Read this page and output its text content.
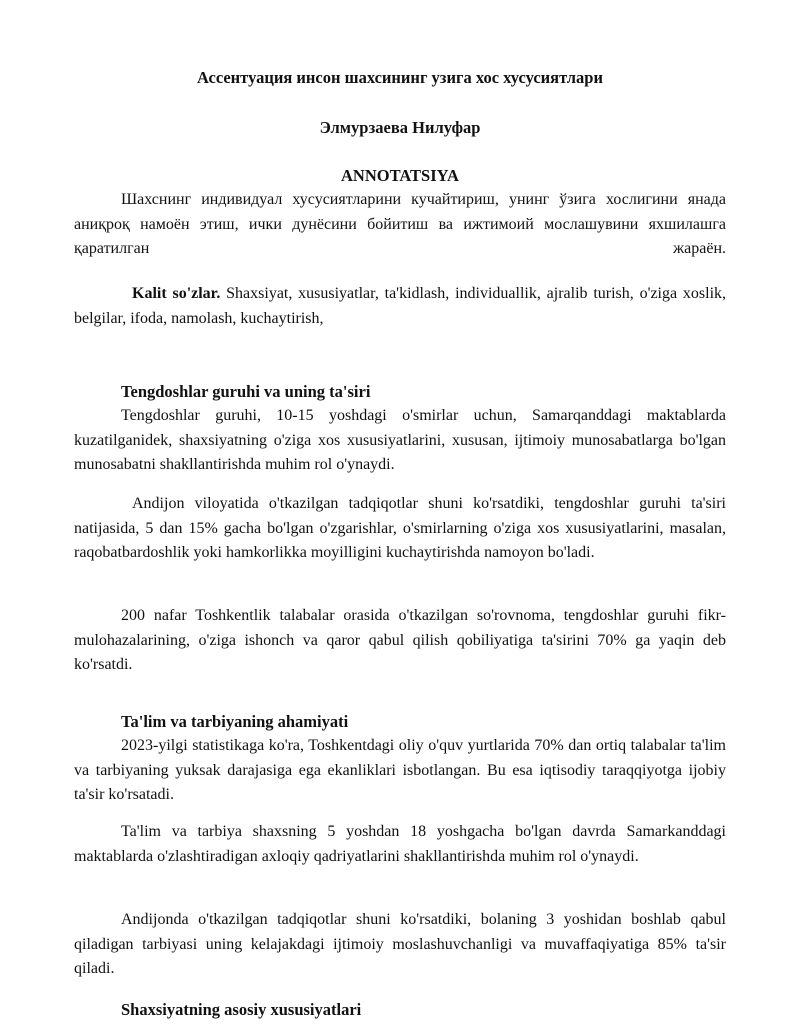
Ассентуация инсон шахсининг узига хос хусусиятлари

Элмурзаева Нилуфар

ANNOTATSIYA

Шахснинг индивидуал хусусиятларини кучайтириш, унинг ўзига хослигини янада аниқроқ намоён этиш, ички дунёсини бойитиш ва ижтимоий мослашувини яхшилашга қаратилган жараён.

Kalit so'zlar. Shaxsiyat, xususiyatlar, ta'kidlash, individuallik, ajralib turish, o'ziga xoslik, belgilar, ifoda, namolash, kuchaytirish,

Tengdoshlar guruhi va uning ta'siri

Tengdoshlar guruhi, 10-15 yoshdagi o'smirlar uchun, Samarqanddagi maktablarda kuzatilganidek, shaxsiyatning o'ziga xos xususiyatlarini, xususan, ijtimoiy munosabatlarga bo'lgan munosabatni shakllantirishda muhim rol o'ynaydi.

Andijon viloyatida o'tkazilgan tadqiqotlar shuni ko'rsatdiki, tengdoshlar guruhi ta'siri natijasida, 5 dan 15% gacha bo'lgan o'zgarishlar, o'smirlarning o'ziga xos xususiyatlarini, masalan, raqobatbardoshlik yoki hamkorlikka moyilligini kuchaytirishda namoyon bo'ladi.

200 nafar Toshkentlik talabalar orasida o'tkazilgan so'rovnoma, tengdoshlar guruhi fikr-mulohazalarining, o'ziga ishonch va qaror qabul qilish qobiliyatiga ta'sirini 70% ga yaqin deb ko'rsatdi.

Ta'lim va tarbiyaning ahamiyati

2023-yilgi statistikaga ko'ra, Toshkentdagi oliy o'quv yurtlarida 70% dan ortiq talabalar ta'lim va tarbiyaning yuksak darajasiga ega ekanliklari isbotlangan. Bu esa iqtisodiy taraqqiyotga ijobiy ta'sir ko'rsatadi.

Ta'lim va tarbiya shaxsning 5 yoshdan 18 yoshgacha bo'lgan davrda Samarkanddagi maktablarda o'zlashtiradigan axloqiy qadriyatlarini shakllantirishda muhim rol o'ynaydi.

Andijonda o'tkazilgan tadqiqotlar shuni ko'rsatdiki, bolaning 3 yoshidan boshlab qabul qiladigan tarbiyasi uning kelajakdagi ijtimoiy moslashuvchanligi va muvaffaqiyatiga 85% ta'sir qiladi.

Shaxsiyatning asosiy xususiyatlari
